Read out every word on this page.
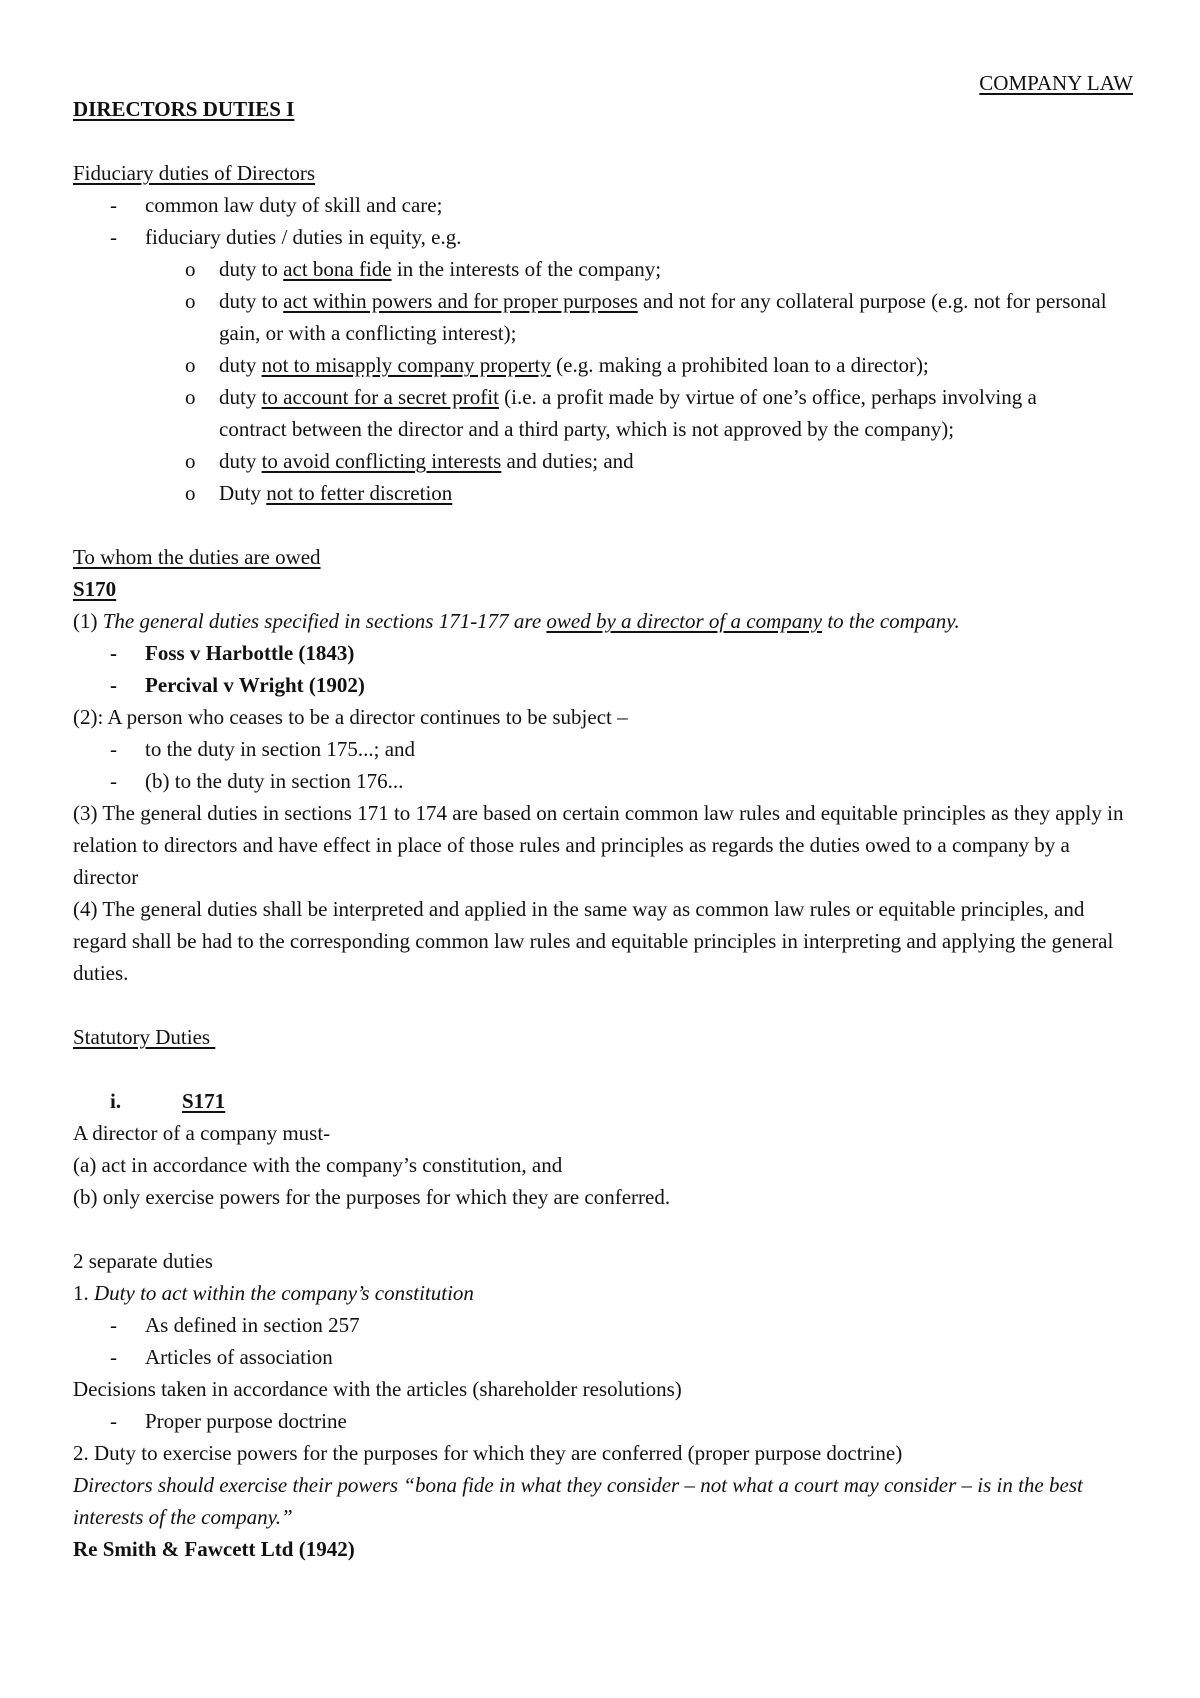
COMPANY LAW
DIRECTORS DUTIES I
Fiduciary duties of Directors
- common law duty of skill and care;
- fiduciary duties / duties in equity, e.g.
o duty to act bona fide in the interests of the company;
o duty to act within powers and for proper purposes and not for any collateral purpose (e.g. not for personal gain, or with a conflicting interest);
o duty not to misapply company property (e.g. making a prohibited loan to a director);
o duty to account for a secret profit (i.e. a profit made by virtue of one’s office, perhaps involving a contract between the director and a third party, which is not approved by the company);
o duty to avoid conflicting interests and duties; and
o Duty not to fetter discretion
To whom the duties are owed
S170
(1) The general duties specified in sections 171-177 are owed by a director of a company to the company.
- Foss v Harbottle (1843)
- Percival v Wright (1902)
(2): A person who ceases to be a director continues to be subject –
- to the duty in section 175...; and
- (b) to the duty in section 176...
(3) The general duties in sections 171 to 174 are based on certain common law rules and equitable principles as they apply in relation to directors and have effect in place of those rules and principles as regards the duties owed to a company by a director
(4) The general duties shall be interpreted and applied in the same way as common law rules or equitable principles, and regard shall be had to the corresponding common law rules and equitable principles in interpreting and applying the general duties.
Statutory Duties
i.	S171
A director of a company must-
(a) act in accordance with the company’s constitution, and
(b) only exercise powers for the purposes for which they are conferred.
2 separate duties
1. Duty to act within the company’s constitution
- As defined in section 257
- Articles of association
Decisions taken in accordance with the articles (shareholder resolutions)
- Proper purpose doctrine
2. Duty to exercise powers for the purposes for which they are conferred (proper purpose doctrine)
Directors should exercise their powers “bona fide in what they consider – not what a court may consider – is in the best interests of the company.”
Re Smith & Fawcett Ltd (1942)
